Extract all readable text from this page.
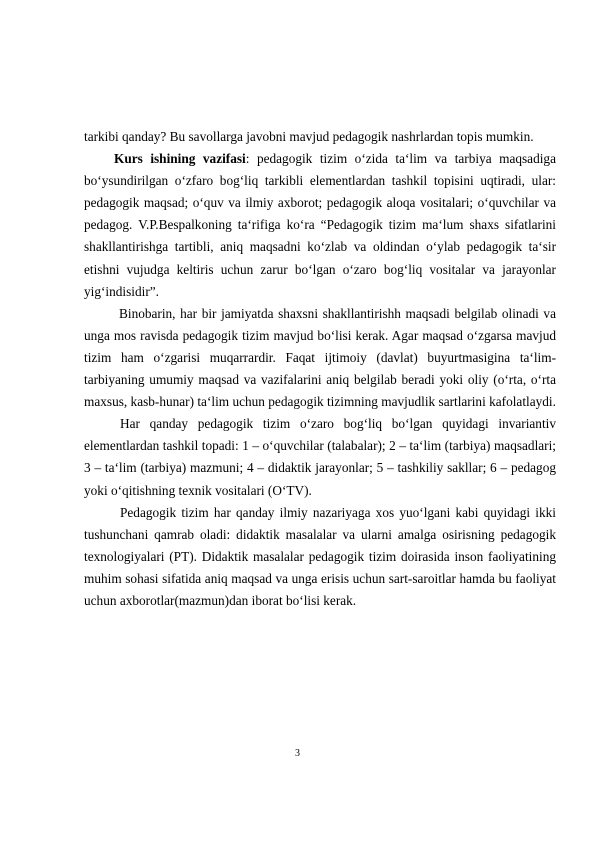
tarkibi qanday? Bu savollarga javobni mavjud pedagogik nashrlardan topis mumkin.

Kurs ishining vazifasi: pedagogik tizim o‘zida ta‘lim va tarbiya maqsadiga bo‘ysundirilgan o‘zfaro bog‘liq tarkibli elementlardan tashkil topisini uqtiradi, ular: pedagogik maqsad; o‘quv va ilmiy axborot; pedagogik aloqa vositalari; o‘quvchilar va pedagog. V.P.Bespalkoning ta‘rifiga ko‘ra “Pedagogik tizim ma‘lum shaxs sifatlarini shakllantirishga tartibli, aniq maqsadni ko‘zlab va oldindan o‘ylab pedagogik ta‘sir etishni vujudga keltiris uchun zarur bo‘lgan o‘zaro bog‘liq vositalar va jarayonlar yig‘indisidir”.

Binobarin, har bir jamiyatda shaxsni shakllantirishh maqsadi belgilab olinadi va unga mos ravisda pedagogik tizim mavjud bo‘lisi kerak. Agar maqsad o‘zgarsa mavjud tizim ham o‘zgarisi muqarrardir. Faqat ijtimoiy (davlat) buyurtmasigina ta‘lim-tarbiyaning umumiy maqsad va vazifalarini aniq belgilab beradi yoki oliy (o‘rta, o‘rta maxsus, kasb-hunar) ta‘lim uchun pedagogik tizimning mavjudlik sartlarini kafolatlaydi.

Har qanday pedagogik tizim o‘zaro bog‘liq bo‘lgan quyidagi invariantiv elementlardan tashkil topadi: 1 – o‘quvchilar (talabalar); 2 – ta‘lim (tarbiya) maqsadlari; 3 – ta‘lim (tarbiya) mazmuni; 4 – didaktik jarayonlar; 5 – tashkiliy sakllar; 6 – pedagog yoki o‘qitishning texnik vositalari (O‘TV).

Pedagogik tizim har qanday ilmiy nazariyaga xos yuo‘lgani kabi quyidagi ikki tushunchani qamrab oladi: didaktik masalalar va ularni amalga osirisning pedagogik texnologiyalari (PT). Didaktik masalalar pedagogik tizim doirasida inson faoliyatining muhim sohasi sifatida aniq maqsad va unga erisis uchun sart-saroitlar hamda bu faoliyat uchun axborotlar(mazmun)dan iborat bo‘lisi kerak.

3
